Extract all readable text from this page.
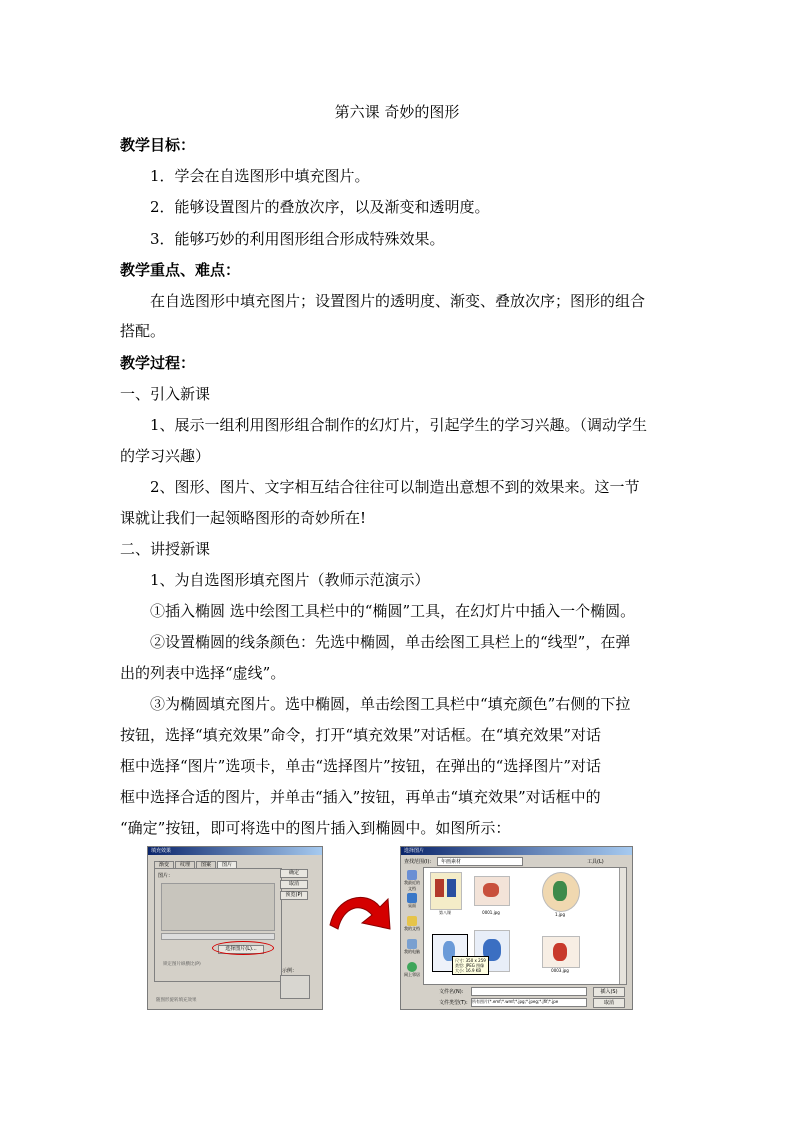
第六课 奇妙的图形
教学目标：
1．学会在自选图形中填充图片。
2．能够设置图片的叠放次序，以及渐变和透明度。
3．能够巧妙的利用图形组合形成特殊效果。
教学重点、难点：
在自选图形中填充图片；设置图片的透明度、渐变、叠放次序；图形的组合
搭配。
教学过程：
一、引入新课
1、展示一组利用图形组合制作的幻灯片，引起学生的学习兴趣。（调动学生
的学习兴趣）
2、图形、图片、文字相互结合往往可以制造出意想不到的效果来。这一节
课就让我们一起领略图形的奇妙所在!
二、讲授新课
1、为自选图形填充图片（教师示范演示）
①插入椭圆 选中绘图工具栏中的“椭圆”工具，在幻灯片中插入一个椭圆。
②设置椭圆的线条颜色：先选中椭圆，单击绘图工具栏上的“线型”，在弹
出的列表中选择“虚线”。
③为椭圆填充图片。选中椭圆，单击绘图工具栏中“填充颜色”右侧的下拉
按钮，选择“填充效果”命令，打开“填充效果”对话框。在“填充效果”对话
框中选择“图片”选项卡，单击“选择图片”按钮，在弹出的“选择图片”对话
框中选择合适的图片，并单击“插入”按钮，再单击“填充效果”对话框中的
“确定”按钮，即可将选中的图片插入到椭圆中。如图所示：
填充效果
渐变	纹理	图案	图片
图片：
锁定图片纵横比(P)
选择图片(L)...
确定
取消
预览(P)
示例：
随图形旋转填充效果
选择图片
查找范围(I):	年画素材	工具(L)
我最近的文档
桌面
我的文档
我的电脑
网上邻居
第八课	0001.jpg	1.jpg
0003.jpg
尺寸: 350 x 259
类型: JPEG 图像
大小: 16.9 KB
文件名(N):	插入(S)
文件类型(T): 所有图片(*.emf;*.wmf;*.jpg;*.jpeg;*.jfif;*.jpe	取消
